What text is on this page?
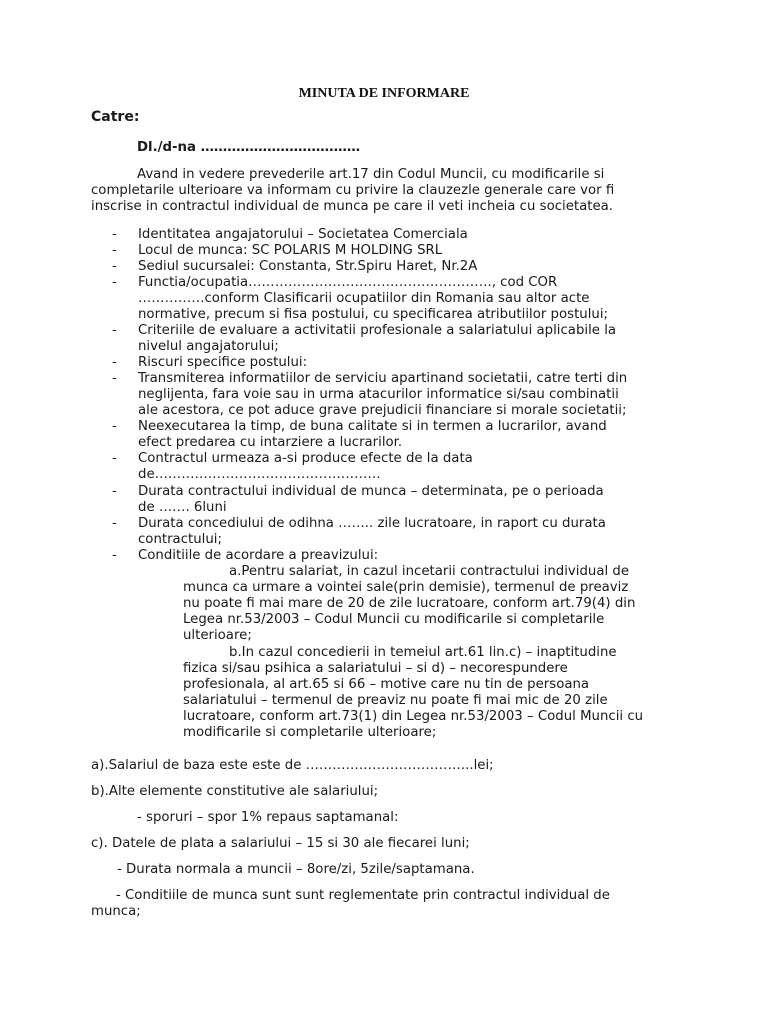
MINUTA DE INFORMARE
Catre:
Dl./d-na ………………………………
Avand in vedere prevederile art.17 din Codul Muncii, cu modificarile si
completarile ulterioare va informam cu privire la clauzezle generale care vor fi
inscrise in contractul individual de munca pe care il veti incheia cu societatea.
-	Identitatea angajatorului – Societatea Comerciala
-	Locul de munca: SC POLARIS M HOLDING SRL
-	Sediul sucursalei: Constanta, Str.Spiru Haret, Nr.2A
-	Functia/ocupatia………………………………………………., cod COR
……………conform Clasificarii ocupatiilor din Romania sau altor acte
normative, precum si fisa postului, cu specificarea atributiilor postului;
-	Criteriile de evaluare a activitatii profesionale a salariatului aplicabile la
nivelul angajatorului;
-	Riscuri specifice postului:
-	Transmiterea informatiilor de serviciu apartinand societatii, catre terti din
neglijenta, fara voie sau in urma atacurilor informatice si/sau combinatii
ale acestora, ce pot aduce grave prejudicii financiare si morale societatii;
-	Neexecutarea la timp, de buna calitate si in termen a lucrarilor, avand
efect predarea cu intarziere a lucrarilor.
-	Contractul urmeaza a-si produce efecte de la data
de……………………………………………
-	Durata contractului individual de munca – determinata, pe o perioada
de ……. 6luni
-	Durata concediului de odihna …….. zile lucratoare, in raport cu durata
contractului;
-	Conditiile de acordare a preavizului:
a.Pentru salariat, in cazul incetarii contractului individual de
munca ca urmare a vointei sale(prin demisie), termenul de preaviz
nu poate fi mai mare de 20 de zile lucratoare, conform art.79(4) din
Legea nr.53/2003 – Codul Muncii cu modificarile si completarile
ulterioare;
b.In cazul concedierii in temeiul art.61 lin.c) – inaptitudine
fizica si/sau psihica a salariatului – si d) – necorespundere
profesionala, al art.65 si 66 – motive care nu tin de persoana
salariatului – termenul de preaviz nu poate fi mai mic de 20 zile
lucratoare, conform art.73(1) din Legea nr.53/2003 – Codul Muncii cu
modificarile si completarile ulterioare;
a).Salariul de baza este este de ………………………………..lei;
b).Alte elemente constitutive ale salariului;
- sporuri – spor 1% repaus saptamanal:
c). Datele de plata a salariului – 15 si 30 ale fiecarei luni;
- Durata normala a muncii – 8ore/zi, 5zile/saptamana.
- Conditiile de munca sunt sunt reglementate prin contractul individual de
munca;
